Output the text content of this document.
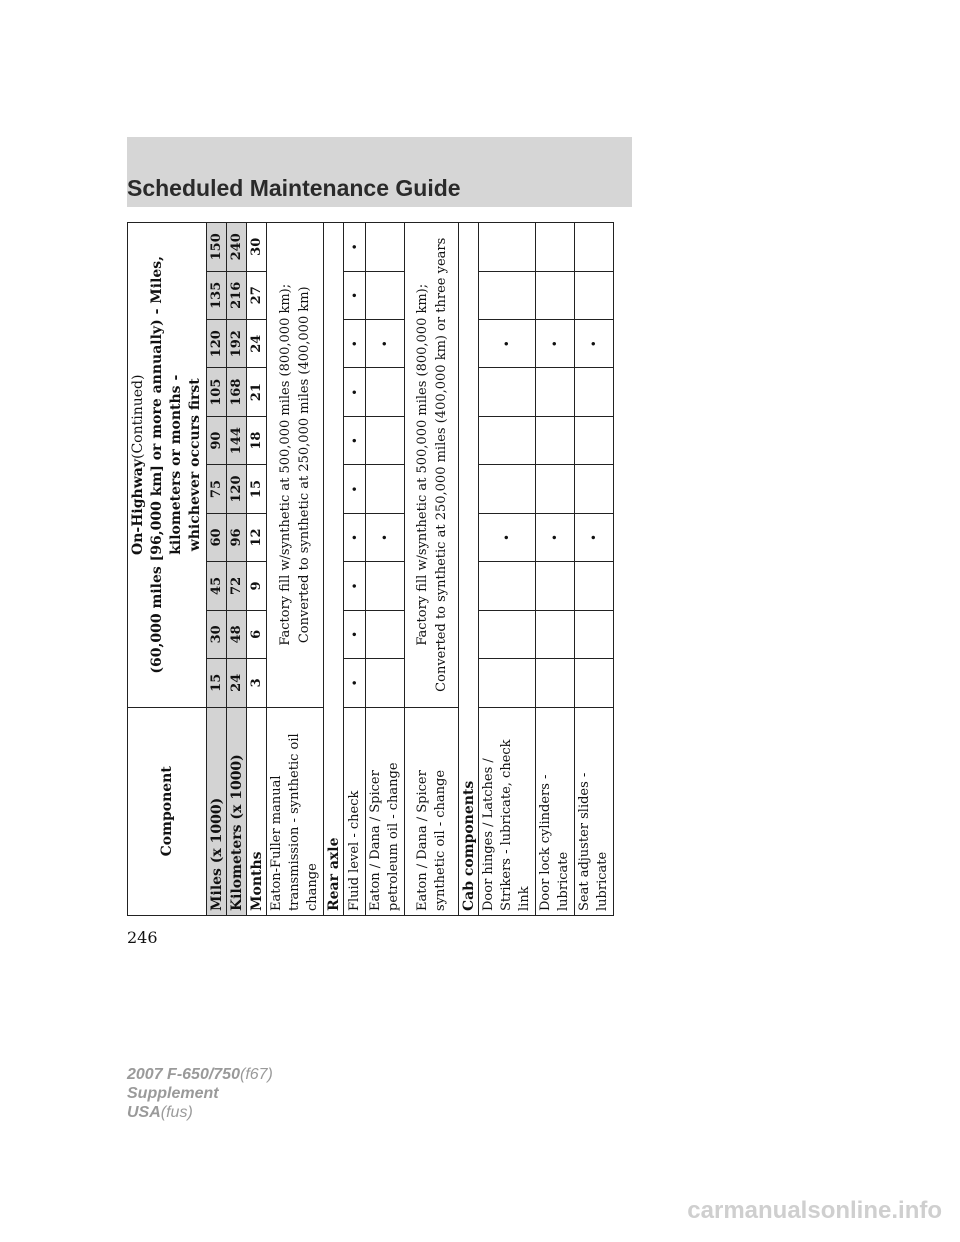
Scheduled Maintenance Guide
Component	On-Highway(Continued) (60,000 miles [96,000 km] or more annually) - Miles, kilometers or months - whichever occurs first									

Miles (x 1000)	15	30	45	60	75	90	105	120	135	150
Kilometers (x 1000)	24	48	72	96	120	144	168	192	216	240
Months	3	6	9	12	15	18	21	24	27	30
Eaton-Fuller manual transmission - synthetic oil change	Factory fill w/synthetic at 500,000 miles (800,000 km); Converted to synthetic at 250,000 miles (400,000 km)									

Rear axle										
Fluid level - check	•	•	•	•	•	•	•	•	•	•
Eaton / Dana / Spicer petroleum oil - change				•				•		
Eaton / Dana / Spicer synthetic oil - change	Factory fill w/synthetic at 500,000 miles (800,000 km); Converted to synthetic at 250,000 miles (400,000 km) or three years									

Cab components										
Door hinges / Latches / Strikers - lubricate, check link				•				•		
Door lock cylinders - lubricate				•				•		
Seat adjuster slides - lubricate				•				•		
246
2007 F-650/750(f67)
Supplement
USA(fus)
carmanualsonline.info
